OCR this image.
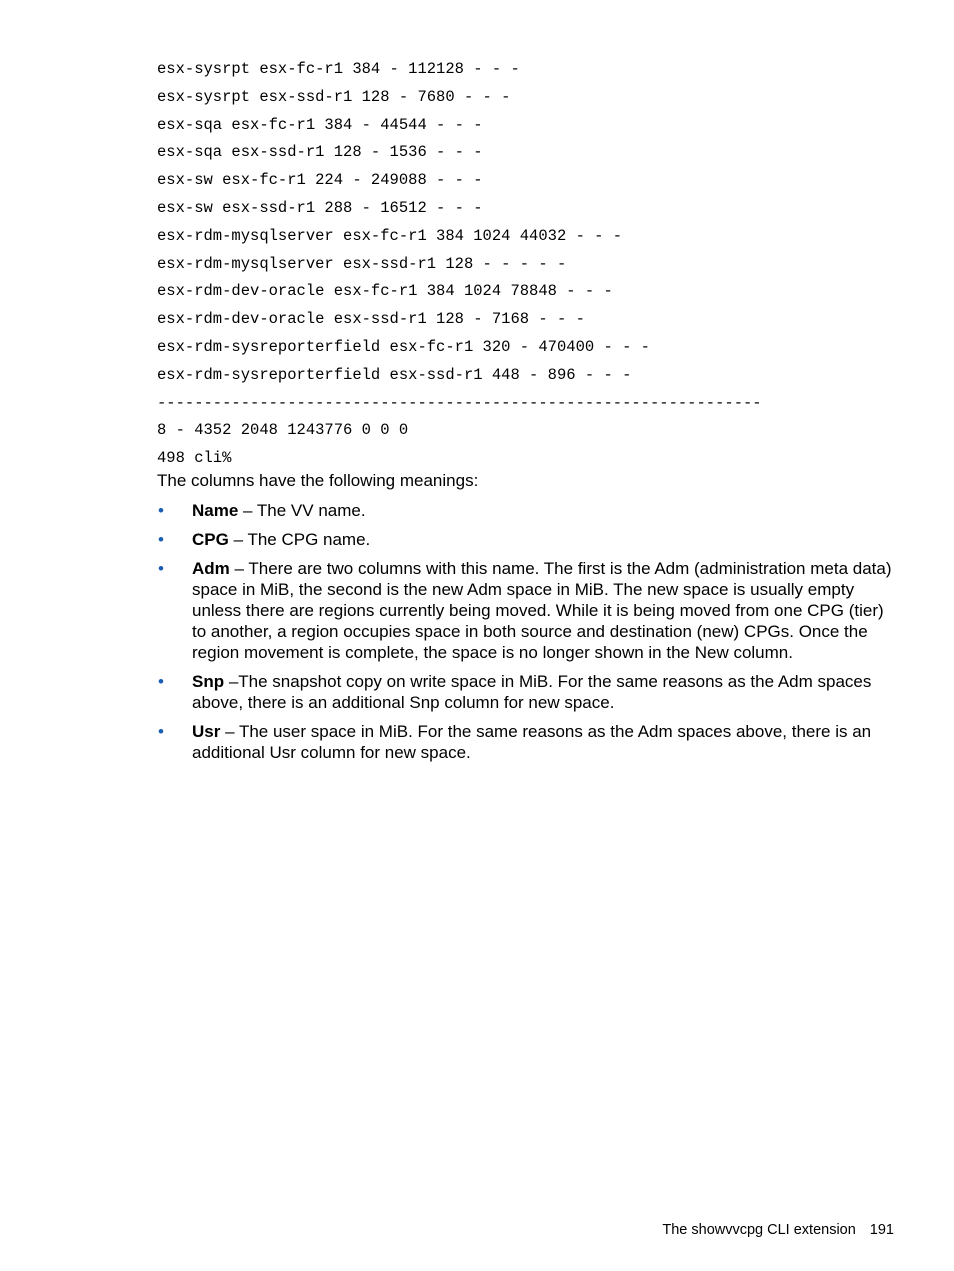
esx-sysrpt esx-fc-r1 384 - 112128 - - -
esx-sysrpt esx-ssd-r1 128 - 7680 - - -
esx-sqa esx-fc-r1 384 - 44544 - - -
esx-sqa esx-ssd-r1 128 - 1536 - - -
esx-sw esx-fc-r1 224 - 249088 - - -
esx-sw esx-ssd-r1 288 - 16512 - - -
esx-rdm-mysqlserver esx-fc-r1 384 1024 44032 - - -
esx-rdm-mysqlserver esx-ssd-r1 128 - - - - -
esx-rdm-dev-oracle esx-fc-r1 384 1024 78848 - - -
esx-rdm-dev-oracle esx-ssd-r1 128 - 7168 - - -
esx-rdm-sysreporterfield esx-fc-r1 320 - 470400 - - -
esx-rdm-sysreporterfield esx-ssd-r1 448 - 896 - - -
-----------------------------------------------------------------
8 - 4352 2048 1243776 0 0 0
498 cli%

The columns have the following meanings:

• Name – The VV name.
• CPG – The CPG name.
• Adm – There are two columns with this name. The first is the Adm (administration meta data) space in MiB, the second is the new Adm space in MiB. The new space is usually empty unless there are regions currently being moved. While it is being moved from one CPG (tier) to another, a region occupies space in both source and destination (new) CPGs. Once the region movement is complete, the space is no longer shown in the New column.
• Snp –The snapshot copy on write space in MiB. For the same reasons as the Adm spaces above, there is an additional Snp column for new space.
• Usr – The user space in MiB. For the same reasons as the Adm spaces above, there is an additional Usr column for new space.
The showvvcpg CLI extension 191
